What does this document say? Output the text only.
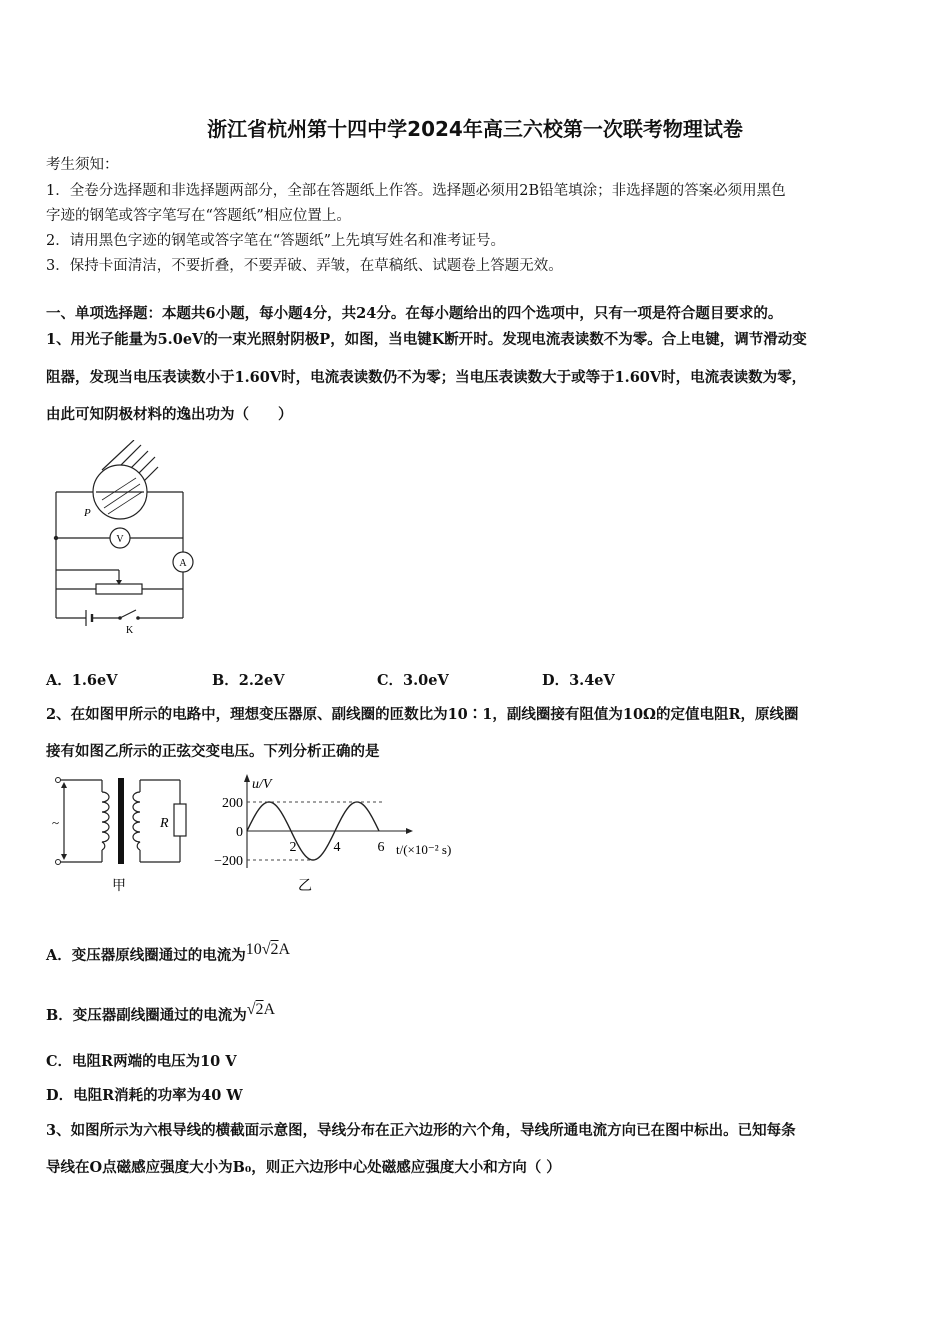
浙江省杭州第十四中学2024年高三六校第一次联考物理试卷
考生须知：
1．全卷分选择题和非选择题两部分，全部在答题纸上作答。选择题必须用2B铅笔填涂；非选择题的答案必须用黑色
字迹的钢笔或答字笔写在“答题纸”相应位置上。
2．请用黑色字迹的钢笔或答字笔在“答题纸”上先填写姓名和准考证号。
3．保持卡面清洁，不要折叠，不要弄破、弄皱，在草稿纸、试题卷上答题无效。
一、单项选择题：本题共6小题，每小题4分，共24分。在每小题给出的四个选项中，只有一项是符合题目要求的。
1、用光子能量为5.0eV的一束光照射阴极P，如图，当电键K断开时。发现电流表读数不为零。合上电键，调节滑动变
阻器，发现当电压表读数小于1.60V时，电流表读数仍不为零；当电压表读数大于或等于1.60V时，电流表读数为零，
由此可知阴极材料的逸出功为（　　）
P
V
A
K
A．1.6eV	B．2.2eV	C．3.0eV	D．3.4eV
2、在如图甲所示的电路中，理想变压器原、副线圈的匝数比为10∶1，副线圈接有阻值为10Ω的定值电阻R，原线圈
接有如图乙所示的正弦交变电压。下列分析正确的是
~	R
甲
200
0
−200
2	4	6
u/V
t/(×10⁻² s)
乙
A．变压器原线圈通过的电流为10√2A
B．变压器副线圈通过的电流为√2A
C．电阻R两端的电压为10 V
D．电阻R消耗的功率为40 W
3、如图所示为六根导线的横截面示意图，导线分布在正六边形的六个角，导线所通电流方向已在图中标出。已知每条
导线在O点磁感应强度大小为B₀，则正六边形中心处磁感应强度大小和方向（ ）
